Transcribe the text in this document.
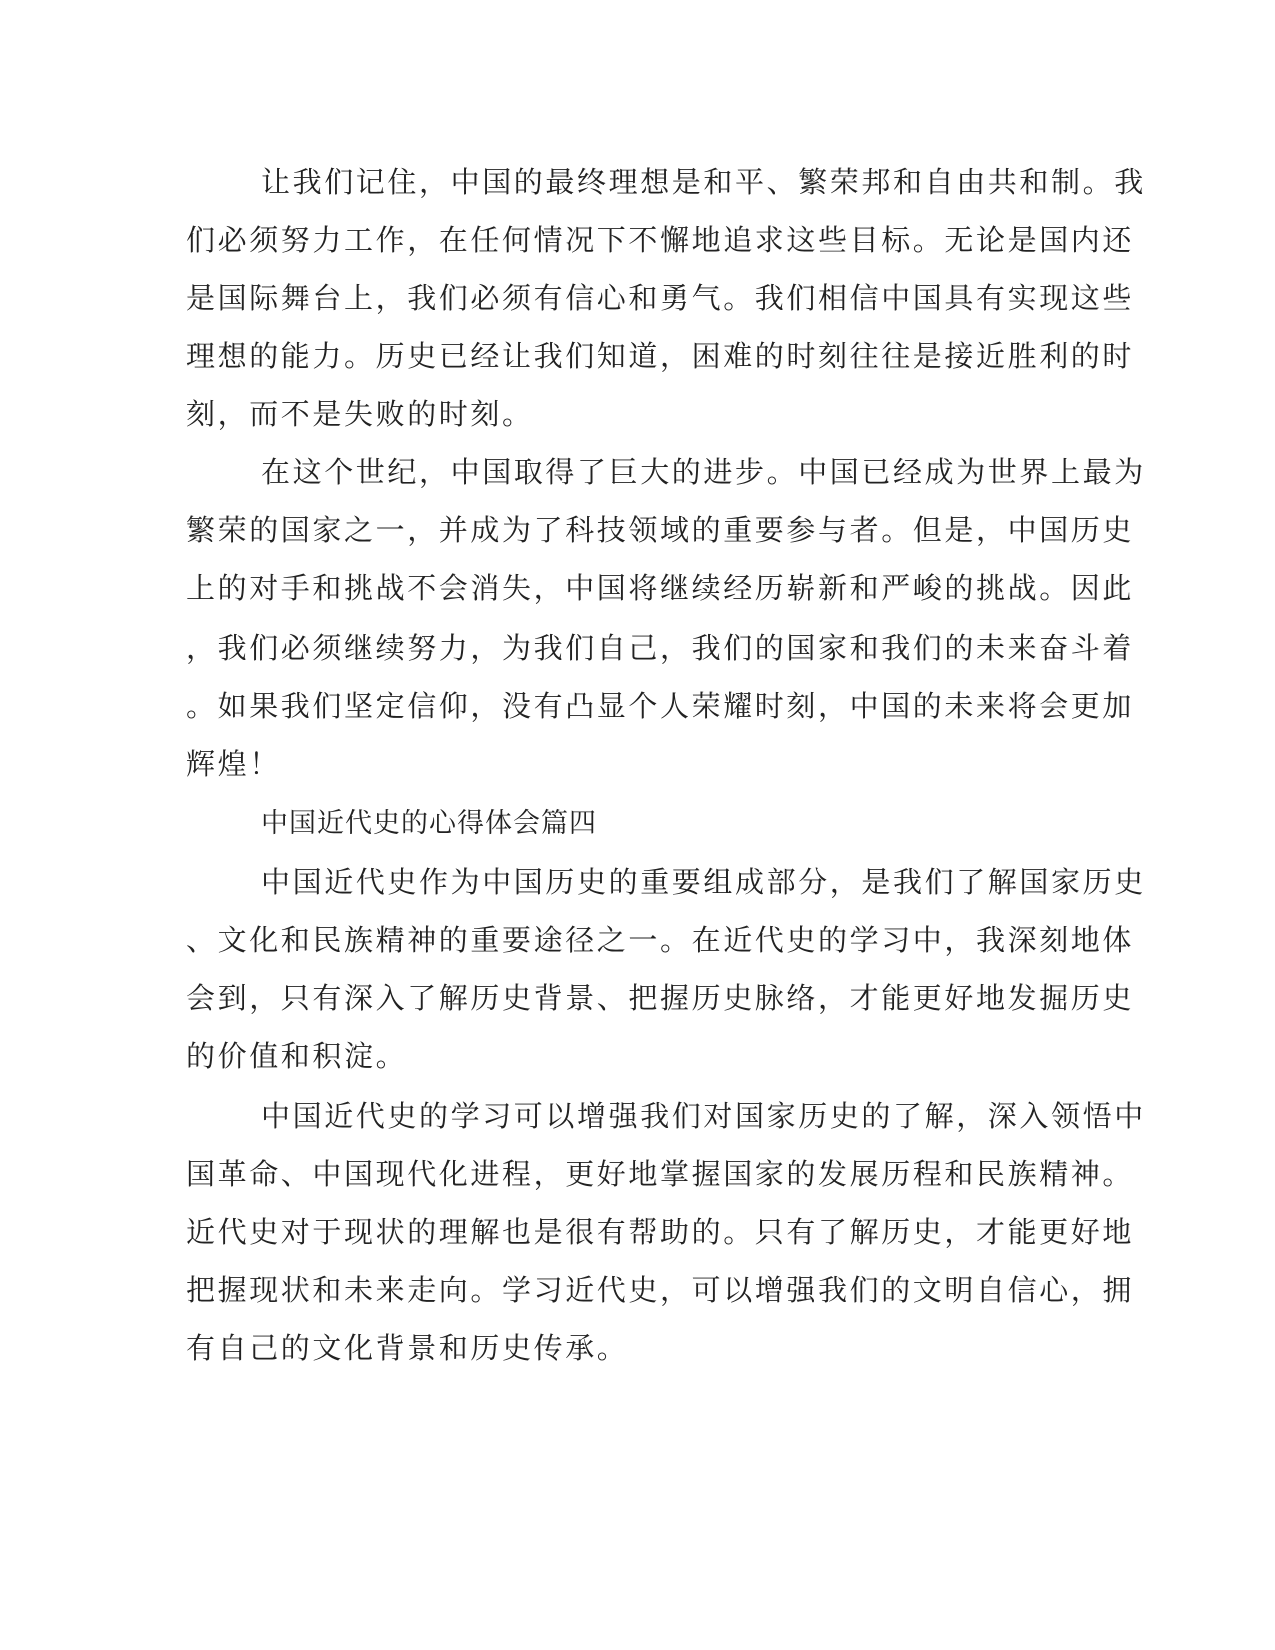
让我们记住，中国的最终理想是和平、繁荣邦和自由共和制。我
们必须努力工作，在任何情况下不懈地追求这些目标。无论是国内还
是国际舞台上，我们必须有信心和勇气。我们相信中国具有实现这些
理想的能力。历史已经让我们知道，困难的时刻往往是接近胜利的时
刻，而不是失败的时刻。
在这个世纪，中国取得了巨大的进步。中国已经成为世界上最为
繁荣的国家之一，并成为了科技领域的重要参与者。但是，中国历史
上的对手和挑战不会消失，中国将继续经历崭新和严峻的挑战。因此
，我们必须继续努力，为我们自己，我们的国家和我们的未来奋斗着
。如果我们坚定信仰，没有凸显个人荣耀时刻，中国的未来将会更加
辉煌！
中国近代史的心得体会篇四
中国近代史作为中国历史的重要组成部分，是我们了解国家历史
、文化和民族精神的重要途径之一。在近代史的学习中，我深刻地体
会到，只有深入了解历史背景、把握历史脉络，才能更好地发掘历史
的价值和积淀。
中国近代史的学习可以增强我们对国家历史的了解，深入领悟中
国革命、中国现代化进程，更好地掌握国家的发展历程和民族精神。
近代史对于现状的理解也是很有帮助的。只有了解历史，才能更好地
把握现状和未来走向。学习近代史，可以增强我们的文明自信心，拥
有自己的文化背景和历史传承。
